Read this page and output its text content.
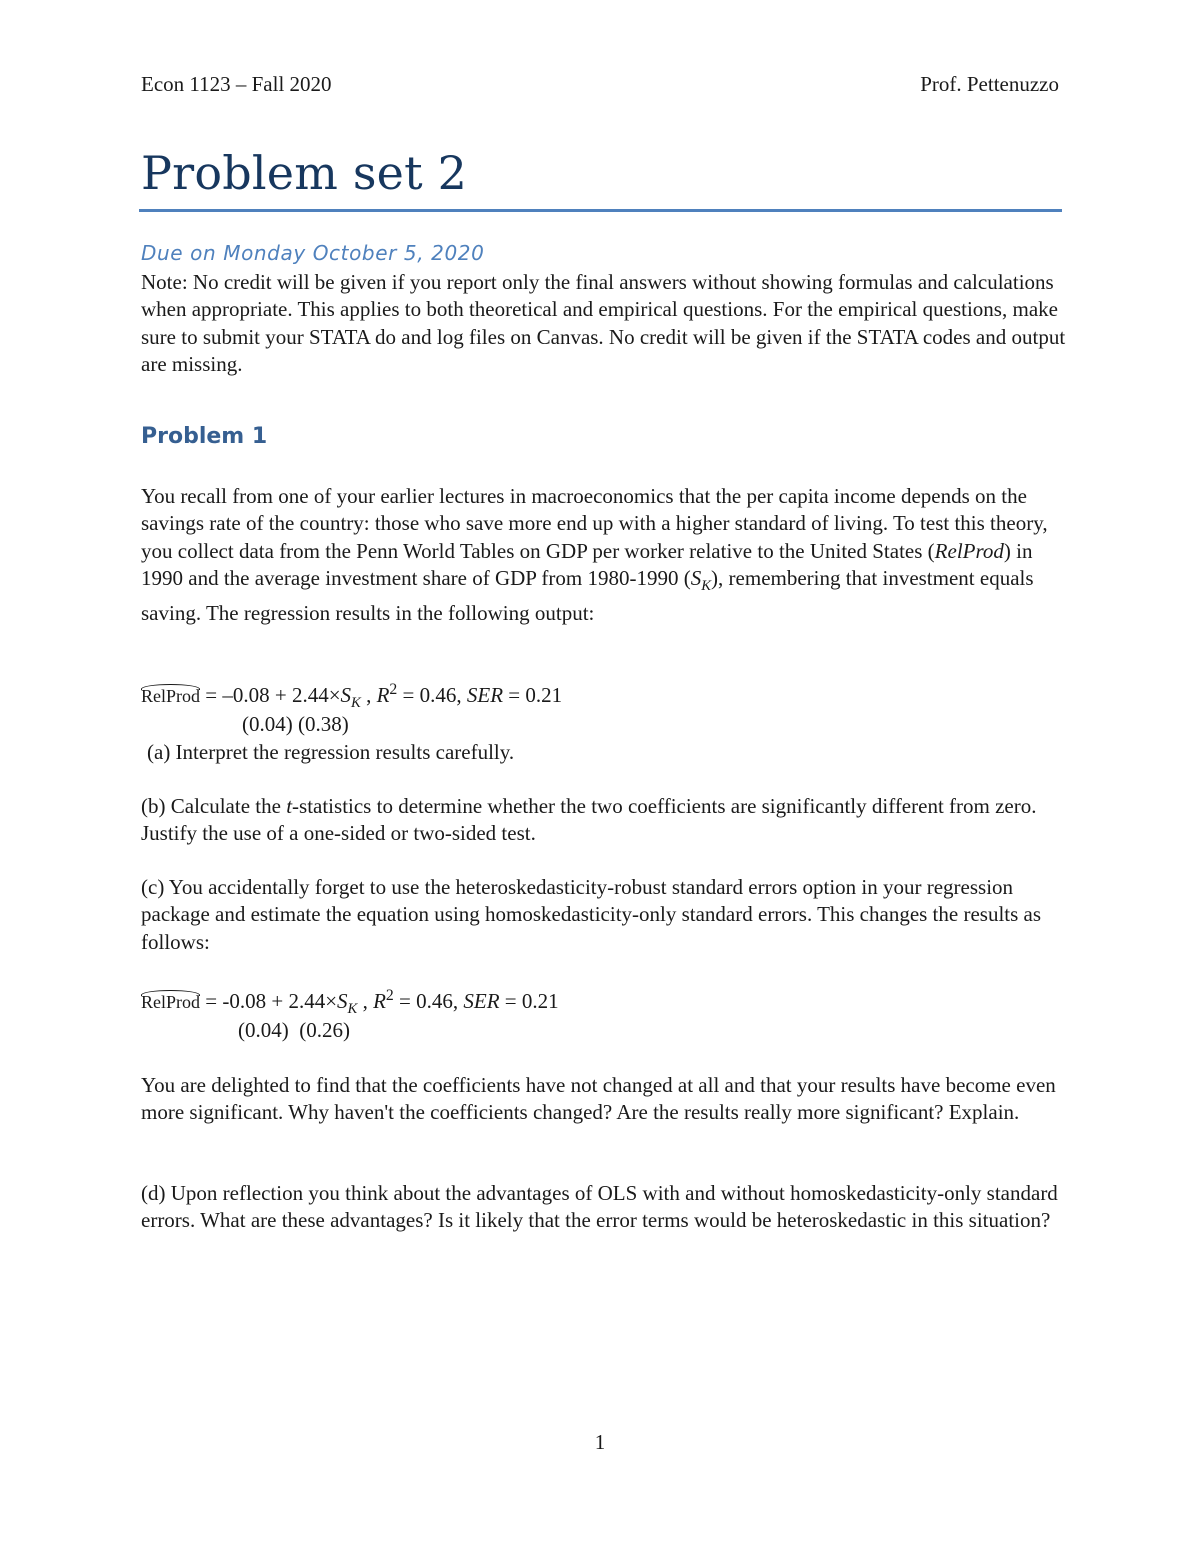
Econ 1123 – Fall 2020	Prof. Pettenuzzo
Problem set 2
Due on Monday October 5, 2020

Note: No credit will be given if you report only the final answers without showing formulas and calculations when appropriate. This applies to both theoretical and empirical questions. For the empirical questions, make sure to submit your STATA do and log files on Canvas. No credit will be given if the STATA codes and output are missing.

Problem 1

You recall from one of your earlier lectures in macroeconomics that the per capita income depends on the savings rate of the country: those who save more end up with a higher standard of living. To test this theory, you collect data from the Penn World Tables on GDP per worker relative to the United States (RelProd) in 1990 and the average investment share of GDP from 1980-1990 $(S_K)$, remembering that investment equals saving. The regression results in the following output:

RelProd = $-0.08 + 2.44\times S_K$ , $R^2 = 0.46$, SER = 0.21
(0.04) (0.38)

(a) Interpret the regression results carefully.

(b) Calculate the t-statistics to determine whether the two coefficients are significantly different from zero. Justify the use of a one-sided or two-sided test.

(c) You accidentally forget to use the heteroskedasticity-robust standard errors option in your regression package and estimate the equation using homoskedasticity-only standard errors. This changes the results as follows:

RelProd = $-0.08 + 2.44\times S_K$ , $R^2 = 0.46$, SER = 0.21
(0.04)  (0.26)

You are delighted to find that the coefficients have not changed at all and that your results have become even more significant. Why haven't the coefficients changed? Are the results really more significant? Explain.

(d) Upon reflection you think about the advantages of OLS with and without homoskedasticity-only standard errors. What are these advantages? Is it likely that the error terms would be heteroskedastic in this situation?

1
